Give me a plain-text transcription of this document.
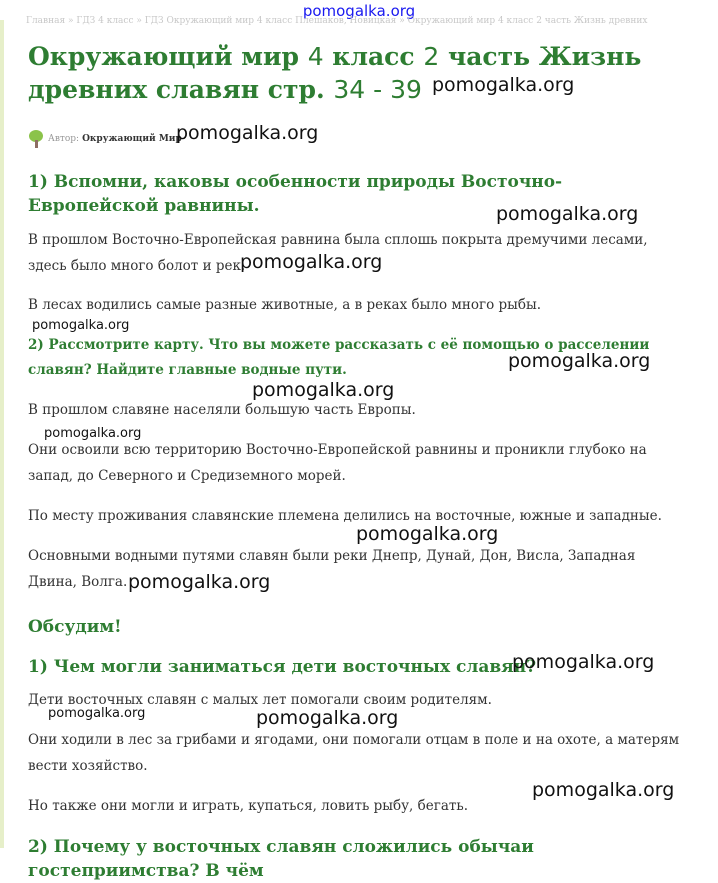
pomogalka.org
Главная » ГДЗ 4 класс » ГДЗ Окружающий мир 4 класс Плешаков, Новицкая » Окружающий мир 4 класс 2 часть Жизнь древних
Окружающий мир 4 класс 2 часть Жизнь древних славян стр. 34 - 39
Автор: Окружающий Мир
1) Вспомни, каковы особенности природы Восточно-Европейской равнины.

В прошлом Восточно-Европейская равнина была сплошь покрыта дремучими лесами, здесь было много болот и рек.

В лесах водились самые разные животные, а в реках было много рыбы.

2) Рассмотрите карту. Что вы можете рассказать с её помощью о расселении славян? Найдите главные водные пути.

В прошлом славяне населяли большую часть Европы.

Они освоили всю территорию Восточно-Европейской равнины и проникли глубоко на запад, до Северного и Средиземного морей.

По месту проживания славянские племена делились на восточные, южные и западные.

Основными водными путями славян были реки Днепр, Дунай, Дон, Висла, Западная Двина, Волга.

Обсудим!
1) Чем могли заниматься дети восточных славян?

Дети восточных славян с малых лет помогали своим родителям.

Они ходили в лес за грибами и ягодами, они помогали отцам в поле и на охоте, а матерям вести хозяйство.

Но также они могли и играть, купаться, ловить рыбу, бегать.

2) Почему у восточных славян сложились обычаи гостеприимства? В чём
pomogalka.org
pomogalka.org
pomogalka.org
pomogalka.org
pomogalka.org
pomogalka.org
pomogalka.org
pomogalka.org
pomogalka.org
pomogalka.org
pomogalka.org
pomogalka.org	pomogalka.org
pomogalka.org
